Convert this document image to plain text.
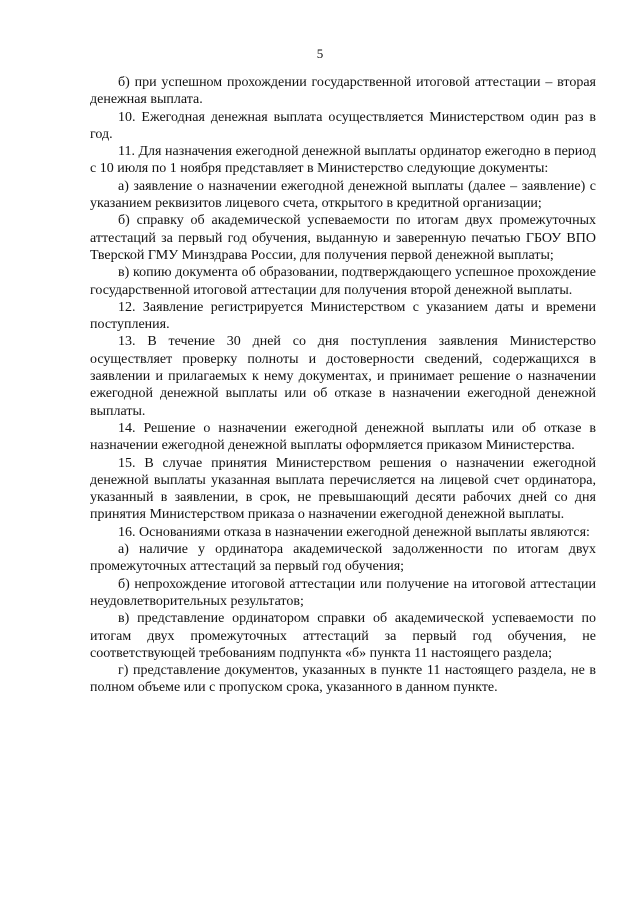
5

б) при успешном прохождении государственной итоговой аттестации – вторая денежная выплата.

10. Ежегодная денежная выплата осуществляется Министерством один раз в год.

11. Для назначения ежегодной денежной выплаты ординатор ежегодно в период с 10 июля по 1 ноября представляет в Министерство следующие документы:

а) заявление о назначении ежегодной денежной выплаты (далее – заявление) с указанием реквизитов лицевого счета, открытого в кредитной организации;

б) справку об академической успеваемости по итогам двух промежуточных аттестаций за первый год обучения, выданную и заверенную печатью ГБОУ ВПО Тверской ГМУ Минздрава России, для получения первой денежной выплаты;

в) копию документа об образовании, подтверждающего успешное прохождение государственной итоговой аттестации для получения второй денежной выплаты.

12. Заявление регистрируется Министерством с указанием даты и времени поступления.

13. В течение 30 дней со дня поступления заявления Министерство осуществляет проверку полноты и достоверности сведений, содержащихся в заявлении и прилагаемых к нему документах, и принимает решение о назначении ежегодной денежной выплаты или об отказе в назначении ежегодной денежной выплаты.

14. Решение о назначении ежегодной денежной выплаты или об отказе в назначении ежегодной денежной выплаты оформляется приказом Министерства.

15. В случае принятия Министерством решения о назначении ежегодной денежной выплаты указанная выплата перечисляется на лицевой счет ординатора, указанный в заявлении, в срок, не превышающий десяти рабочих дней со дня принятия Министерством приказа о назначении ежегодной денежной выплаты.

16. Основаниями отказа в назначении ежегодной денежной выплаты являются:

а) наличие у ординатора академической задолженности по итогам двух промежуточных аттестаций за первый год обучения;

б) непрохождение итоговой аттестации или получение на итоговой аттестации неудовлетворительных результатов;

в) представление ординатором справки об академической успеваемости по итогам двух промежуточных аттестаций за первый год обучения, не соответствующей требованиям подпункта «б» пункта 11 настоящего раздела;

г) представление документов, указанных в пункте 11 настоящего раздела, не в полном объеме или с пропуском срока, указанного в данном пункте.
